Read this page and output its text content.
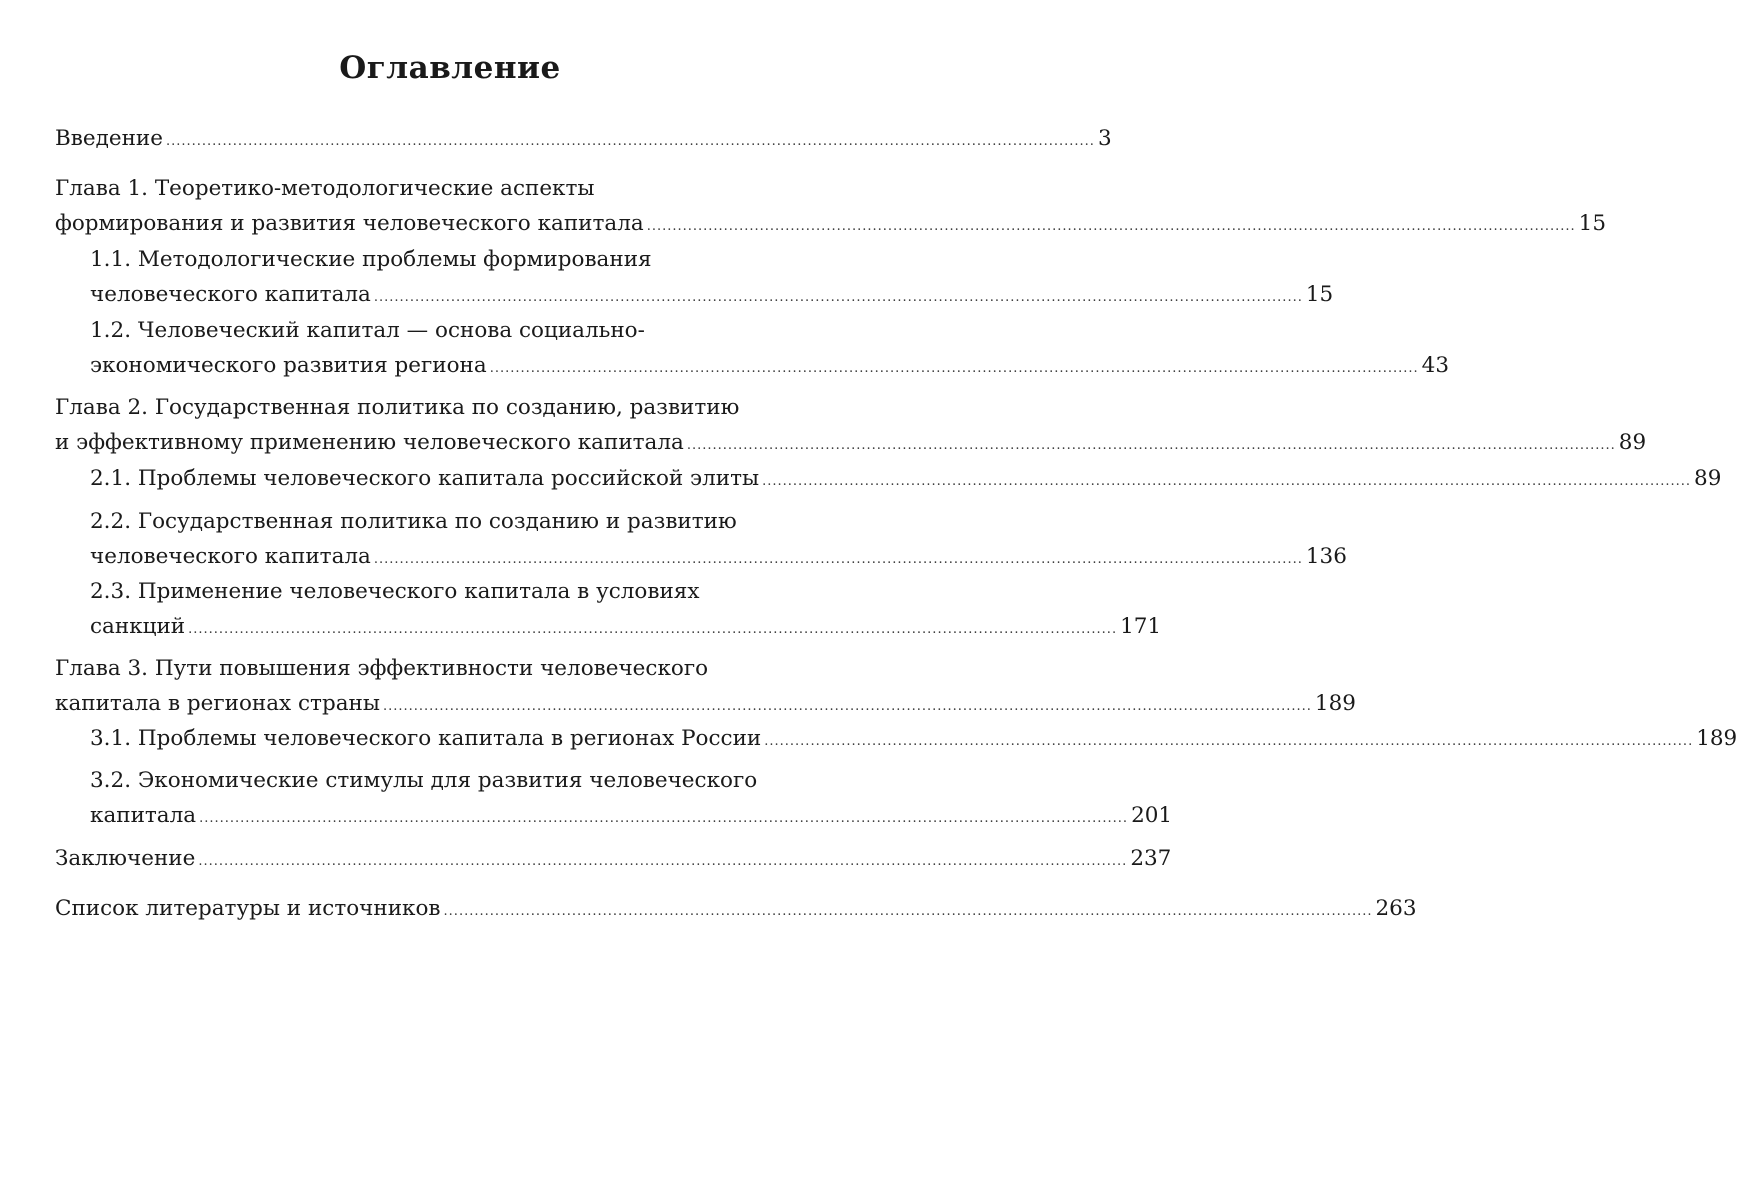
Оглавление
Введение ..................................................................................................................................................................................... 3
Глава 1. Теоретико-методологические аспекты
формирования и развития человеческого капитала ..................................................................................................................................................................................... 15
1.1. Методологические проблемы формирования
человеческого капитала ..................................................................................................................................................................................... 15
1.2. Человеческий капитал — основа социально-
экономического развития региона ..................................................................................................................................................................................... 43
Глава 2. Государственная политика по созданию, развитию
и эффективному применению человеческого капитала ..................................................................................................................................................................................... 89
2.1. Проблемы человеческого капитала российской элиты ..................................................................................................................................................................................... 89
2.2. Государственная политика по созданию и развитию
человеческого капитала ..................................................................................................................................................................................... 136
2.3. Применение человеческого капитала в условиях
санкций ..................................................................................................................................................................................... 171
Глава 3. Пути повышения эффективности человеческого
капитала в регионах страны ..................................................................................................................................................................................... 189
3.1. Проблемы человеческого капитала в регионах России ..................................................................................................................................................................................... 189
3.2. Экономические стимулы для развития человеческого
капитала ..................................................................................................................................................................................... 201
Заключение ..................................................................................................................................................................................... 237
Список литературы и источников ..................................................................................................................................................................................... 263
